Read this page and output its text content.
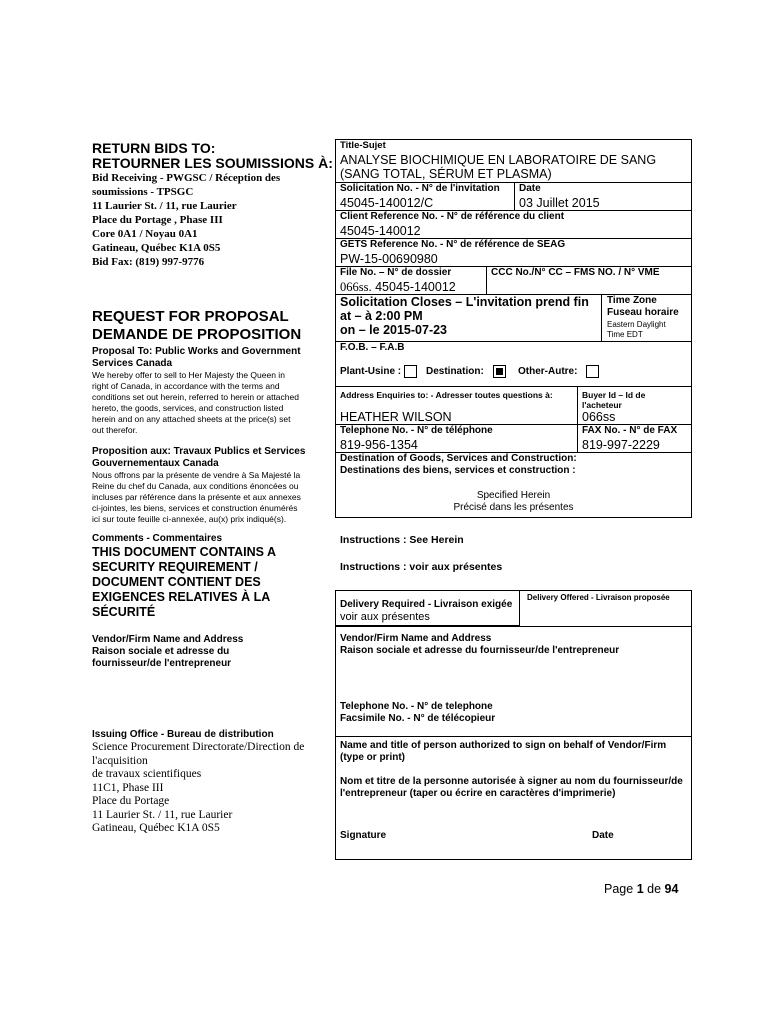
RETURN BIDS TO:
RETOURNER LES SOUMISSIONS À:
Bid Receiving - PWGSC / Réception des
soumissions - TPSGC
11 Laurier St. / 11, rue Laurier
Place du Portage , Phase III
Core 0A1 / Noyau 0A1
Gatineau, Québec K1A 0S5
Bid Fax: (819) 997-9776
REQUEST FOR PROPOSAL
DEMANDE DE PROPOSITION
Proposal To: Public Works and Government
Services Canada
We hereby offer to sell to Her Majesty the Queen in
right of Canada, in accordance with the terms and
conditions set out herein, referred to herein or attached
hereto, the goods, services, and construction listed
herein and on any attached sheets at the price(s) set
out therefor.
Proposition aux: Travaux Publics et Services
Gouvernementaux Canada
Nous offrons par la présente de vendre à Sa Majesté la
Reine du chef du Canada, aux conditions énoncées ou
incluses par référence dans la présente et aux annexes
ci-jointes, les biens, services et construction énumérés
ici sur toute feuille ci-annexée, au(x) prix indiqué(s).
Comments - Commentaires
THIS DOCUMENT CONTAINS A
SECURITY REQUIREMENT /
DOCUMENT CONTIENT DES
EXIGENCES RELATIVES À LA
SÉCURITÉ
Vendor/Firm Name and Address
Raison sociale et adresse du
fournisseur/de l'entrepreneur
Issuing Office - Bureau de distribution
Science Procurement Directorate/Direction de
l'acquisition
de travaux scientifiques
11C1, Phase III
Place du Portage
11 Laurier St. / 11, rue Laurier
Gatineau, Québec K1A 0S5
Title-Sujet
ANALYSE BIOCHIMIQUE EN LABORATOIRE DE SANG
(SANG TOTAL, SÉRUM ET PLASMA)
Solicitation No. - N° de l'invitation
45045-140012/C
Date
03 Juillet 2015
Client Reference No. - N° de référence du client
45045-140012
GETS Reference No. - N° de référence de SEAG
PW-15-00690980
File No. – N° de dossier
066ss. 45045-140012
CCC No./N° CC – FMS NO. / N° VME
Solicitation Closes – L'invitation prend fin
at – à 2:00 PM
on – le 2015-07-23
Time Zone
Fuseau horaire
Eastern Daylight
Time EDT
F.O.B. – F.A.B
Plant-Usine :	Destination:	Other-Autre:
Address Enquiries to: - Adresser toutes questions à:
HEATHER WILSON
Buyer Id – Id de
l'acheteur
066ss
Telephone No. - N° de téléphone
819-956-1354
FAX No. - N° de FAX
819-997-2229
Destination of Goods, Services and Construction:
Destinations des biens, services et construction :
Specified Herein
Précisé dans les présentes
Instructions : See Herein
Instructions : voir aux présentes
Delivery Required - Livraison exigée
voir aux présentes
Delivery Offered - Livraison proposée
Vendor/Firm Name and Address
Raison sociale et adresse du fournisseur/de l'entrepreneur
Telephone No. - N° de telephone
Facsimile No. - N° de télécopieur
Name and title of person authorized to sign on behalf of Vendor/Firm
(type or print)
Nom et titre de la personne autorisée à signer au nom du fournisseur/de
l'entrepreneur (taper ou écrire en caractères d'imprimerie)
Signature	Date
Page 1 de 94
